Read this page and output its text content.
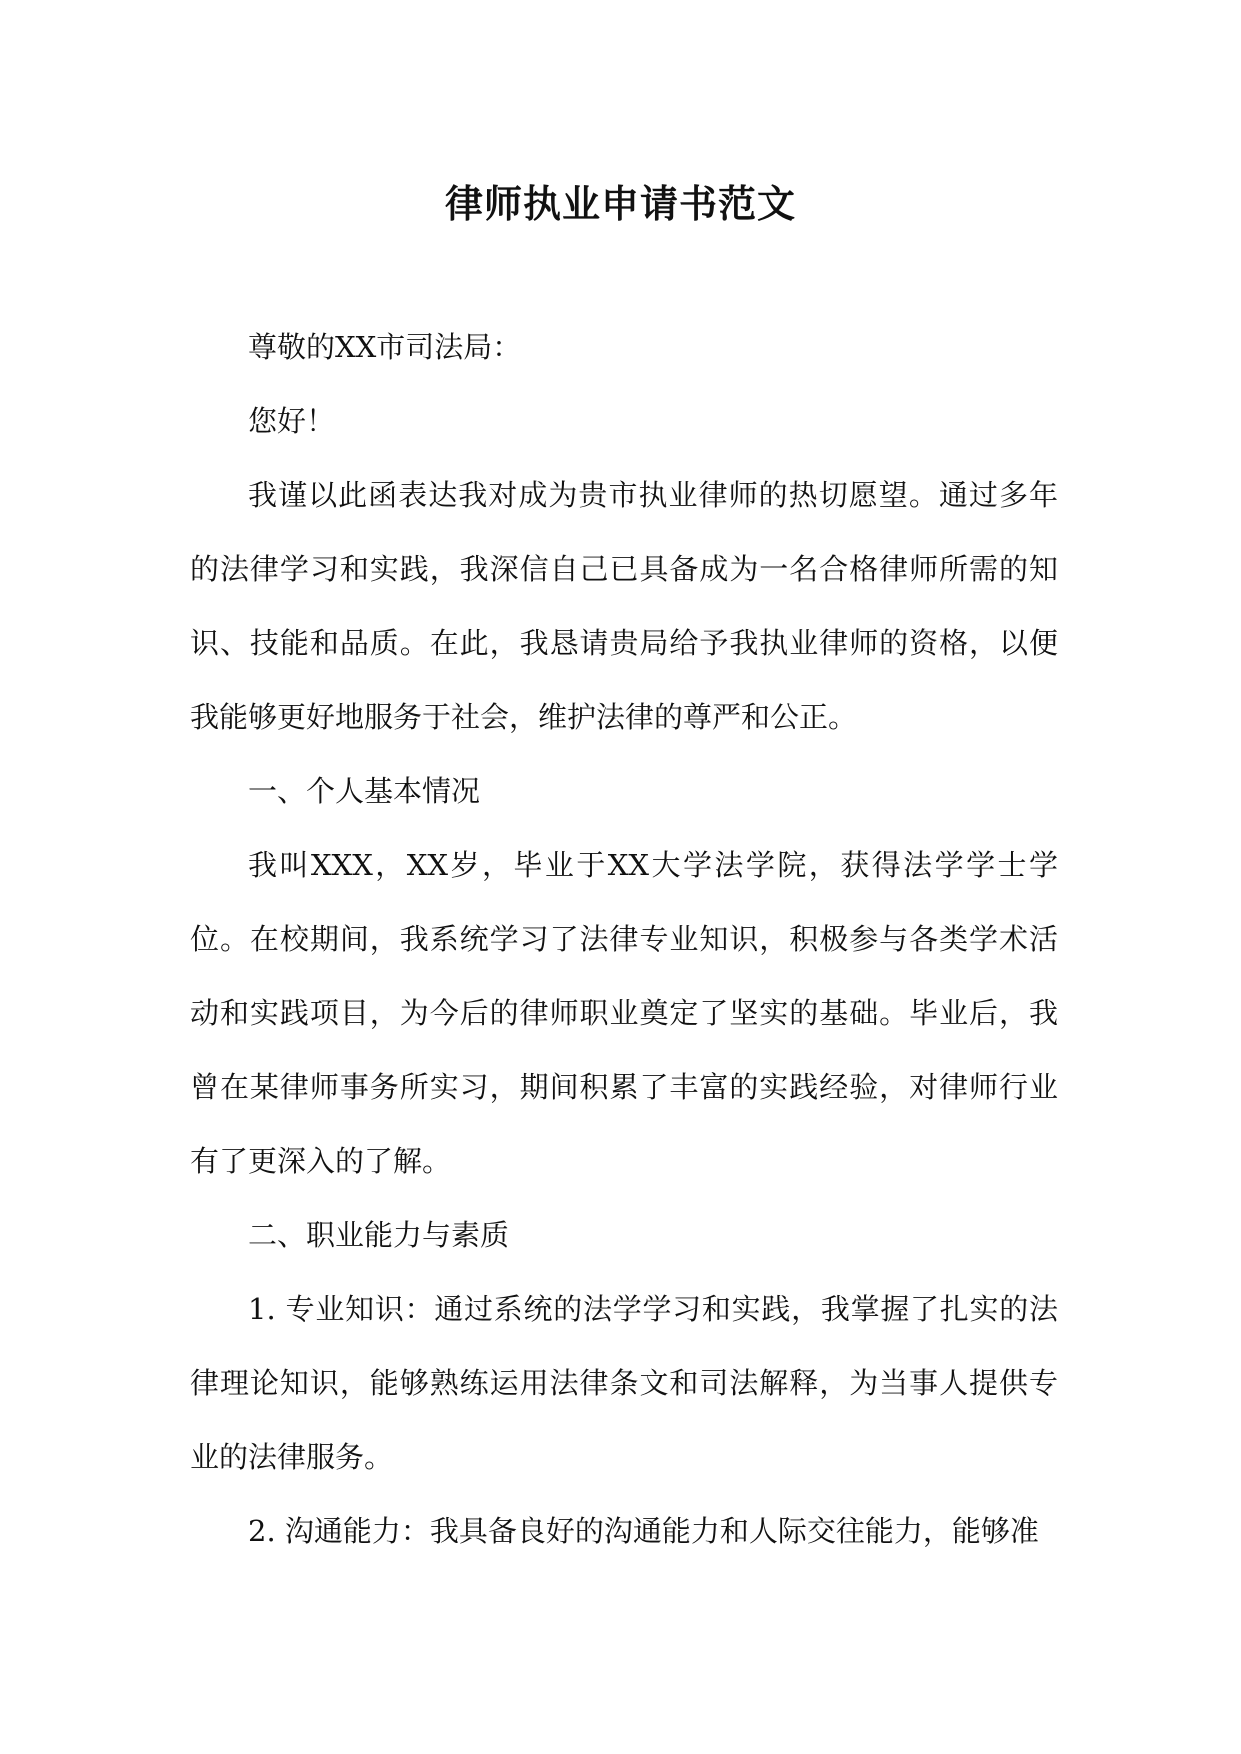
律师执业申请书范文

尊敬的XX市司法局：

您好！

我谨以此函表达我对成为贵市执业律师的热切愿望。通过多年的法律学习和实践，我深信自己已具备成为一名合格律师所需的知识、技能和品质。在此，我恳请贵局给予我执业律师的资格，以便我能够更好地服务于社会，维护法律的尊严和公正。

一、个人基本情况

我叫XXX，XX岁，毕业于XX大学法学院，获得法学学士学位。在校期间，我系统学习了法律专业知识，积极参与各类学术活动和实践项目，为今后的律师职业奠定了坚实的基础。毕业后，我曾在某律师事务所实习，期间积累了丰富的实践经验，对律师行业有了更深入的了解。

二、职业能力与素质

1. 专业知识：通过系统的法学学习和实践，我掌握了扎实的法律理论知识，能够熟练运用法律条文和司法解释，为当事人提供专业的法律服务。

2. 沟通能力：我具备良好的沟通能力和人际交往能力，能够准
